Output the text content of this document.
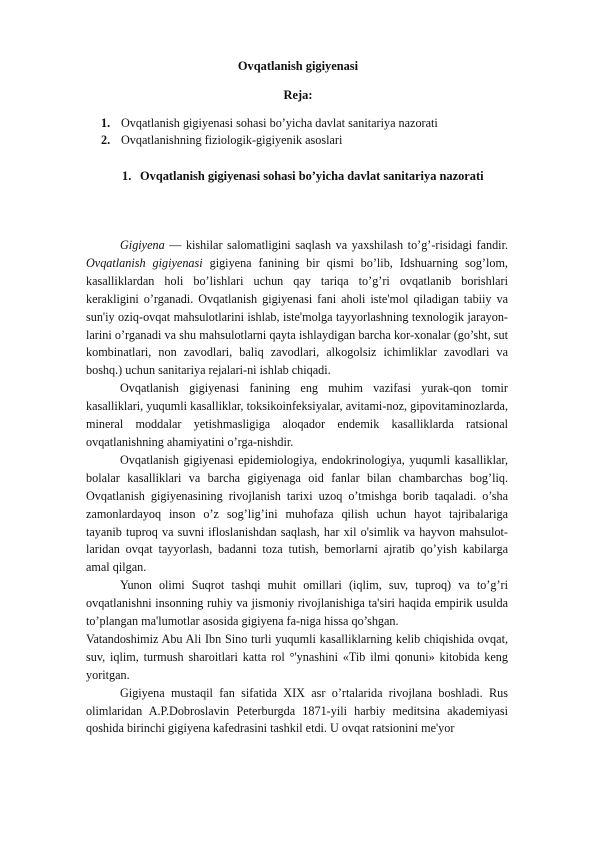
Ovqatlanish gigiyenasi
Reja:
1. Ovqatlanish gigiyenasi sohasi bo’yicha davlat sanitariya nazorati
2. Ovqatlanishning fiziologik-gigiyenik asoslari
1. Ovqatlanish gigiyenasi sohasi bo’yicha davlat sanitariya nazorati

Gigiyena — kishilar salomatligini saqlash va yaxshilash to’g’-risidagi fandir. Ovqatlanish gigiyenasi gigiyena fanining bir qismi bo’lib, Idshuarning sog’lom, kasalliklardan holi bo’lishlari uchun qay tariqa to’g’ri ovqatlanib borishlari kerakligini o’rganadi. Ovqatlanish gigiyenasi fani aholi iste'mol qiladigan tabiiy va sun'iy oziq-ovqat mahsulotlarini ishlab, iste'molga tayyorlashning texnologik jarayon-larini o’rganadi va shu mahsulotlarni qayta ishlaydigan barcha kor-xonalar (go’sht, sut kombinatlari, non zavodlari, baliq zavodlari, alkogolsiz ichimliklar zavodlari va boshq.) uchun sanitariya rejalari-ni ishlab chiqadi.

Ovqatlanish gigiyenasi fanining eng muhim vazifasi yurak-qon tomir kasalliklari, yuqumli kasalliklar, toksikoinfeksiyalar, avitami-noz, gipovitaminozlarda, mineral moddalar yetishmasligiga aloqador endemik kasalliklarda ratsional ovqatlanishning ahamiyatini o’rga-nishdir.

Ovqatlanish gigiyenasi epidemiologiya, endokrinologiya, yuqumli kasalliklar, bolalar kasalliklari va barcha gigiyenaga oid fanlar bilan chambarchas bog’liq. Ovqatlanish gigiyenasining rivojlanish tarixi uzoq o’tmishga borib taqaladi. o’sha zamonlardayoq inson o’z sog’lig’ini muhofaza qilish uchun hayot tajribalariga tayanib tuproq va suvni ifloslanishdan saqlash, har xil o'simlik va hayvon mahsulot-laridan ovqat tayyorlash, badanni toza tutish, bemorlarni ajratib qo’yish kabilarga amal qilgan.

Yunon olimi Suqrot tashqi muhit omillari (iqlim, suv, tuproq) va to’g’ri ovqatlanishni insonning ruhiy va jismoniy rivojlanishiga ta'siri haqida empirik usulda to’plangan ma'lumotlar asosida gigiyena fa-niga hissa qo’shgan.

Vatandoshimiz Abu Ali Ibn Sino turli yuqumli kasalliklarning kelib chiqishida ovqat, suv, iqlim, turmush sharoitlari katta rol °'ynashini «Tib ilmi qonuni» kitobida keng yoritgan.

Gigiyena mustaqil fan sifatida XIX asr o’rtalarida rivojlana boshladi. Rus olimlaridan A.P.Dobroslavin Peterburgda 1871-yili harbiy meditsina akademiyasi qoshida birinchi gigiyena kafedrasini tashkil etdi. U ovqat ratsionini me'yor
